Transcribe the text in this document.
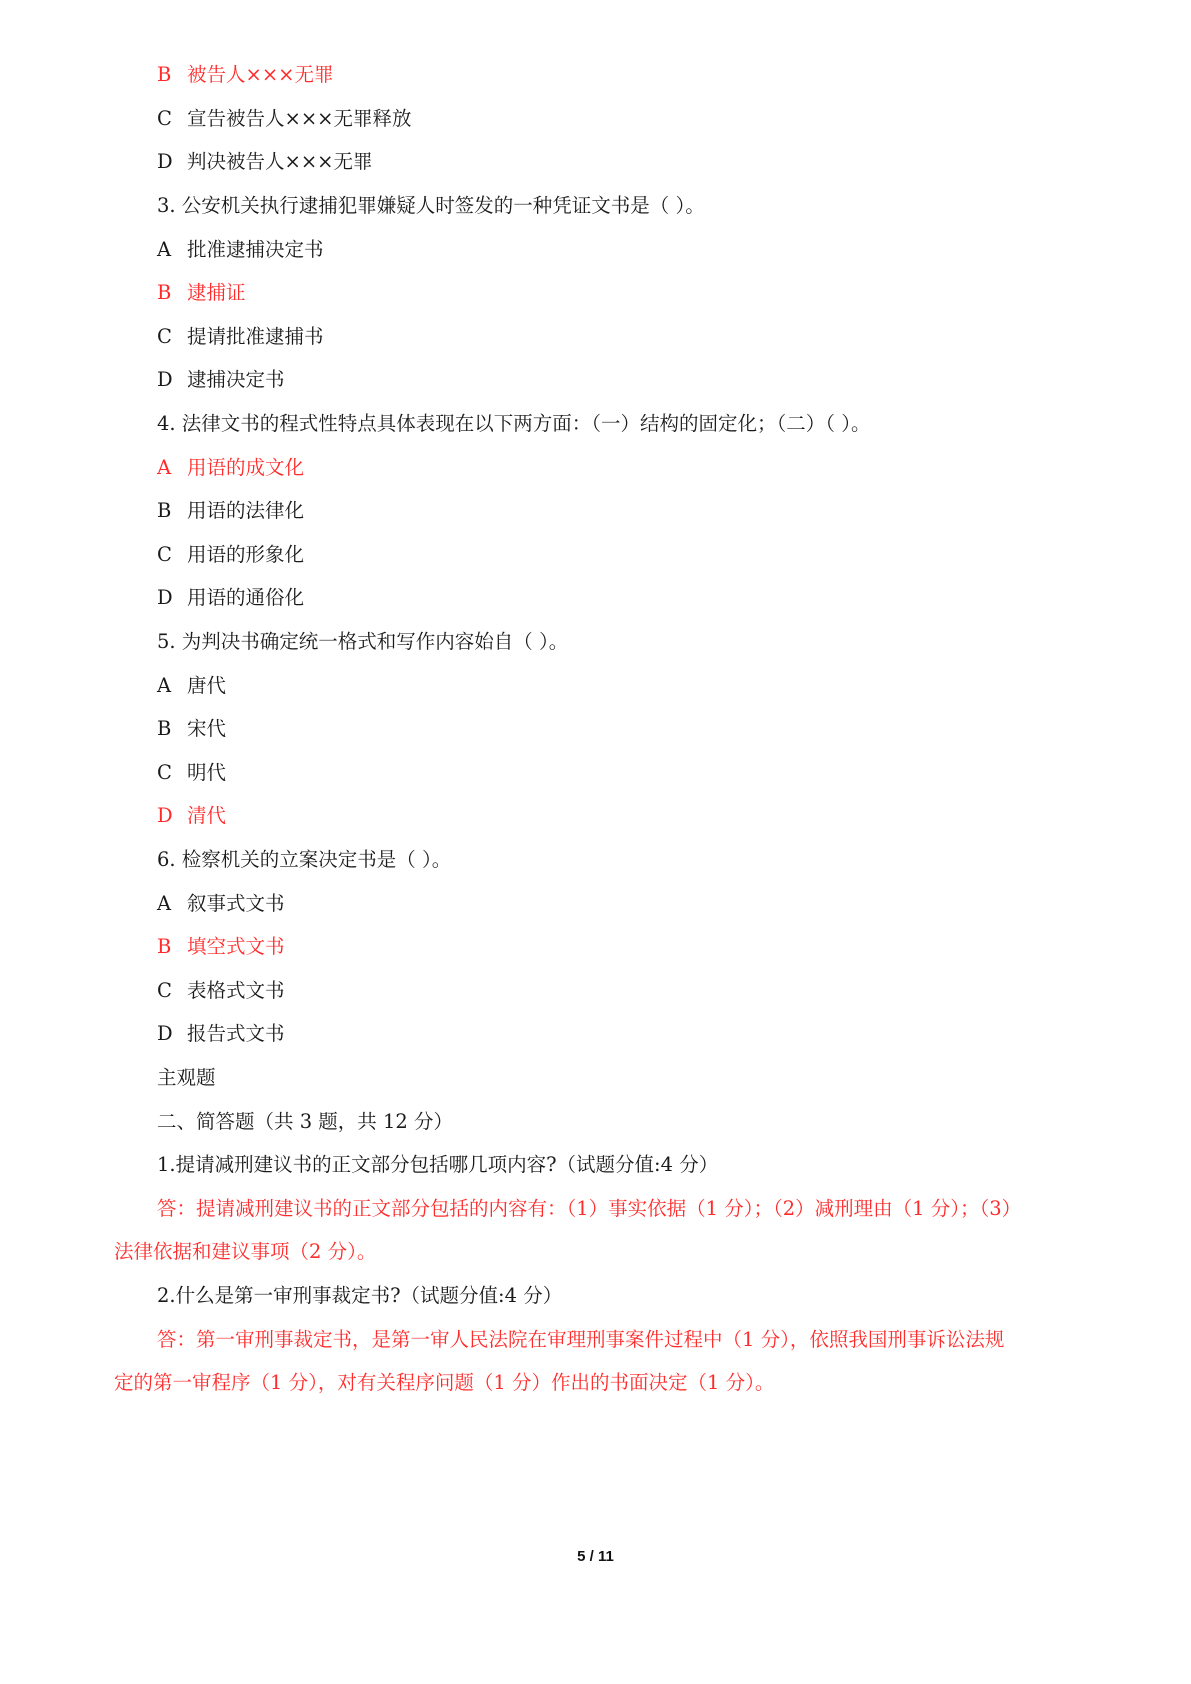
B 被告人×××无罪
C 宣告被告人×××无罪释放
D 判决被告人×××无罪
3. 公安机关执行逮捕犯罪嫌疑人时签发的一种凭证文书是（ ）。
A 批准逮捕决定书
B 逮捕证
C 提请批准逮捕书
D 逮捕决定书
4. 法律文书的程式性特点具体表现在以下两方面：（一）结构的固定化；（二）（ ）。
A 用语的成文化
B 用语的法律化
C 用语的形象化
D 用语的通俗化
5. 为判决书确定统一格式和写作内容始自（ ）。
A 唐代
B 宋代
C 明代
D 清代
6. 检察机关的立案决定书是（ ）。
A 叙事式文书
B 填空式文书
C 表格式文书
D 报告式文书
主观题
二、简答题（共 3 题，共 12 分）
1.提请减刑建议书的正文部分包括哪几项内容?（试题分值:4 分）
答：提请减刑建议书的正文部分包括的内容有：（1）事实依据（1 分）；（2）减刑理由（1 分）；（3）
法律依据和建议事项（2 分）。
2.什么是第一审刑事裁定书?（试题分值:4 分）
答：第一审刑事裁定书，是第一审人民法院在审理刑事案件过程中（1 分），依照我国刑事诉讼法规
定的第一审程序（1 分），对有关程序问题（1 分）作出的书面决定（1 分）。
5 / 11
